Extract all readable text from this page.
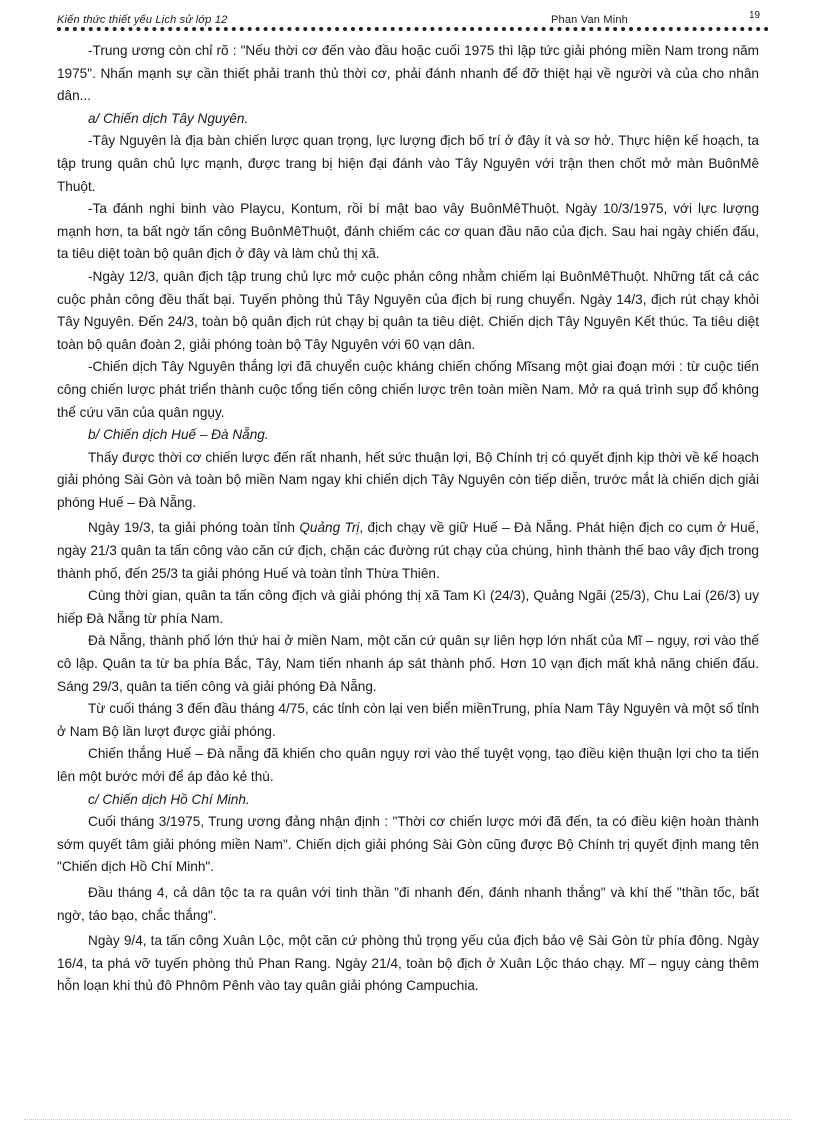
Kiến thức thiết yếu Lịch sử lớp 12	Phan Van Minh	19

-Trung ương còn chỉ rõ : "Nếu thời cơ đến vào đầu hoặc cuối 1975 thì lập tức giải phóng miền Nam trong năm 1975". Nhấn mạnh sự cần thiết phải tranh thủ thời cơ, phải đánh nhanh để đỡ thiệt hại về người và của cho nhân dân...

a/ Chiến dịch Tây Nguyên.

-Tây Nguyên là địa bàn chiến lược quan trọng, lực lượng địch bố trí ở đây ít và sơ hở. Thực hiện kế hoạch, ta tập trung quân chủ lực mạnh, được trang bị hiện đại đánh vào Tây Nguyên với trận then chốt mở màn BuônMê Thuột.

-Ta đánh nghi binh vào Playcu, Kontum, rồi bí mật bao vây BuônMêThuột. Ngày 10/3/1975, với lực lượng mạnh hơn, ta bất ngờ tấn công BuônMêThuột, đánh chiếm các cơ quan đầu não của địch. Sau hai ngày chiến đấu, ta tiêu diệt toàn bộ quân địch ở đây và làm chủ thị xã.

-Ngày 12/3, quân địch tập trung chủ lực mở cuộc phản công nhằm chiếm lại BuônMêThuột. Những tất cả các cuộc phản công đều thất bại. Tuyến phòng thủ Tây Nguyên của địch bị rung chuyển. Ngày 14/3, địch rút chạy khỏi Tây Nguyên. Đến 24/3, toàn bộ quân địch rút chạy bị quân ta tiêu diệt. Chiến dịch Tây Nguyên Kết thúc. Ta tiêu diệt toàn bộ quân đoàn 2, giải phóng toàn bộ Tây Nguyên với 60 vạn dân.

-Chiến dịch Tây Nguyên thắng lợi đã chuyển cuộc kháng chiến chống Mĩsang một giai đoạn mới : từ cuộc tiến công chiến lược phát triển thành cuộc tổng tiến công chiến lược trên toàn miền Nam. Mở ra quá trình sụp đổ không thể cứu vãn của quân ngụy.

b/ Chiến dịch Huế – Đà Nẵng.

Thấy được thời cơ chiến lược đến rất nhanh, hết sức thuận lợi, Bộ Chính trị có quyết định kịp thời về kế hoạch giải phóng Sài Gòn và toàn bộ miền Nam ngay khi chiến dịch Tây Nguyên còn tiếp diễn, trước mắt là chiến dịch giải phóng Huế – Đà Nẵng.

Ngày 19/3, ta giải phóng toàn tỉnh Quảng Trị, địch chạy về giữ Huế – Đà Nẵng. Phát hiện địch co cụm ở Huế, ngày 21/3 quân ta tấn công vào căn cứ địch, chặn các đường rút chạy của chúng, hình thành thế bao vây địch trong thành phố, đến 25/3 ta giải phóng Huế và toàn tỉnh Thừa Thiên.

Cùng thời gian, quân ta tấn công địch và giải phóng thị xã Tam Kì (24/3), Quảng Ngãi (25/3), Chu Lai (26/3) uy hiếp Đà Nẵng từ phía Nam.

Đà Nẵng, thành phố lớn thứ hai ở miền Nam, một căn cứ quân sự liên hợp lớn nhất của Mĩ – ngụy, rơi vào thế cô lập. Quân ta từ ba phía Bắc, Tây, Nam tiến nhanh áp sát thành phố. Hơn 10 vạn địch mất khả năng chiến đấu. Sáng 29/3, quân ta tiến công và giải phóng Đà Nẵng.

Từ cuối tháng 3 đến đầu tháng 4/75, các tỉnh còn lại ven biển miềnTrung, phía Nam Tây Nguyên và một số tỉnh ở Nam Bộ lần lượt được giải phóng.

Chiến thắng Huế – Đà nẵng đã khiến cho quân ngụy rơi vào thế tuyệt vọng, tạo điều kiện thuận lợi cho ta tiến lên một bước mới để áp đảo kẻ thù.

c/ Chiến dịch Hồ Chí Minh.

Cuối tháng 3/1975, Trung ương đảng nhận định : "Thời cơ chiến lược mới đã đến, ta có điều kiện hoàn thành sớm quyết tâm giải phóng miền Nam". Chiến dịch giải phóng Sài Gòn cũng được Bộ Chính trị quyết định mang tên "Chiến dịch Hồ Chí Minh".

Đầu tháng 4, cả dân tộc ta ra quân với tinh thần "đi nhanh đến, đánh nhanh thắng" và khí thế "thần tốc, bất ngờ, táo bạo, chắc thắng".

Ngày 9/4, ta tấn công Xuân Lộc, một căn cứ phòng thủ trọng yếu của địch bảo vệ Sài Gòn từ phía đông. Ngày 16/4, ta phá vỡ tuyến phòng thủ Phan Rang. Ngày 21/4, toàn bộ địch ở Xuân Lộc tháo chạy. Mĩ – ngụy càng thêm hỗn loạn khi thủ đô Phnôm Pênh vào tay quân giải phóng Campuchia.
